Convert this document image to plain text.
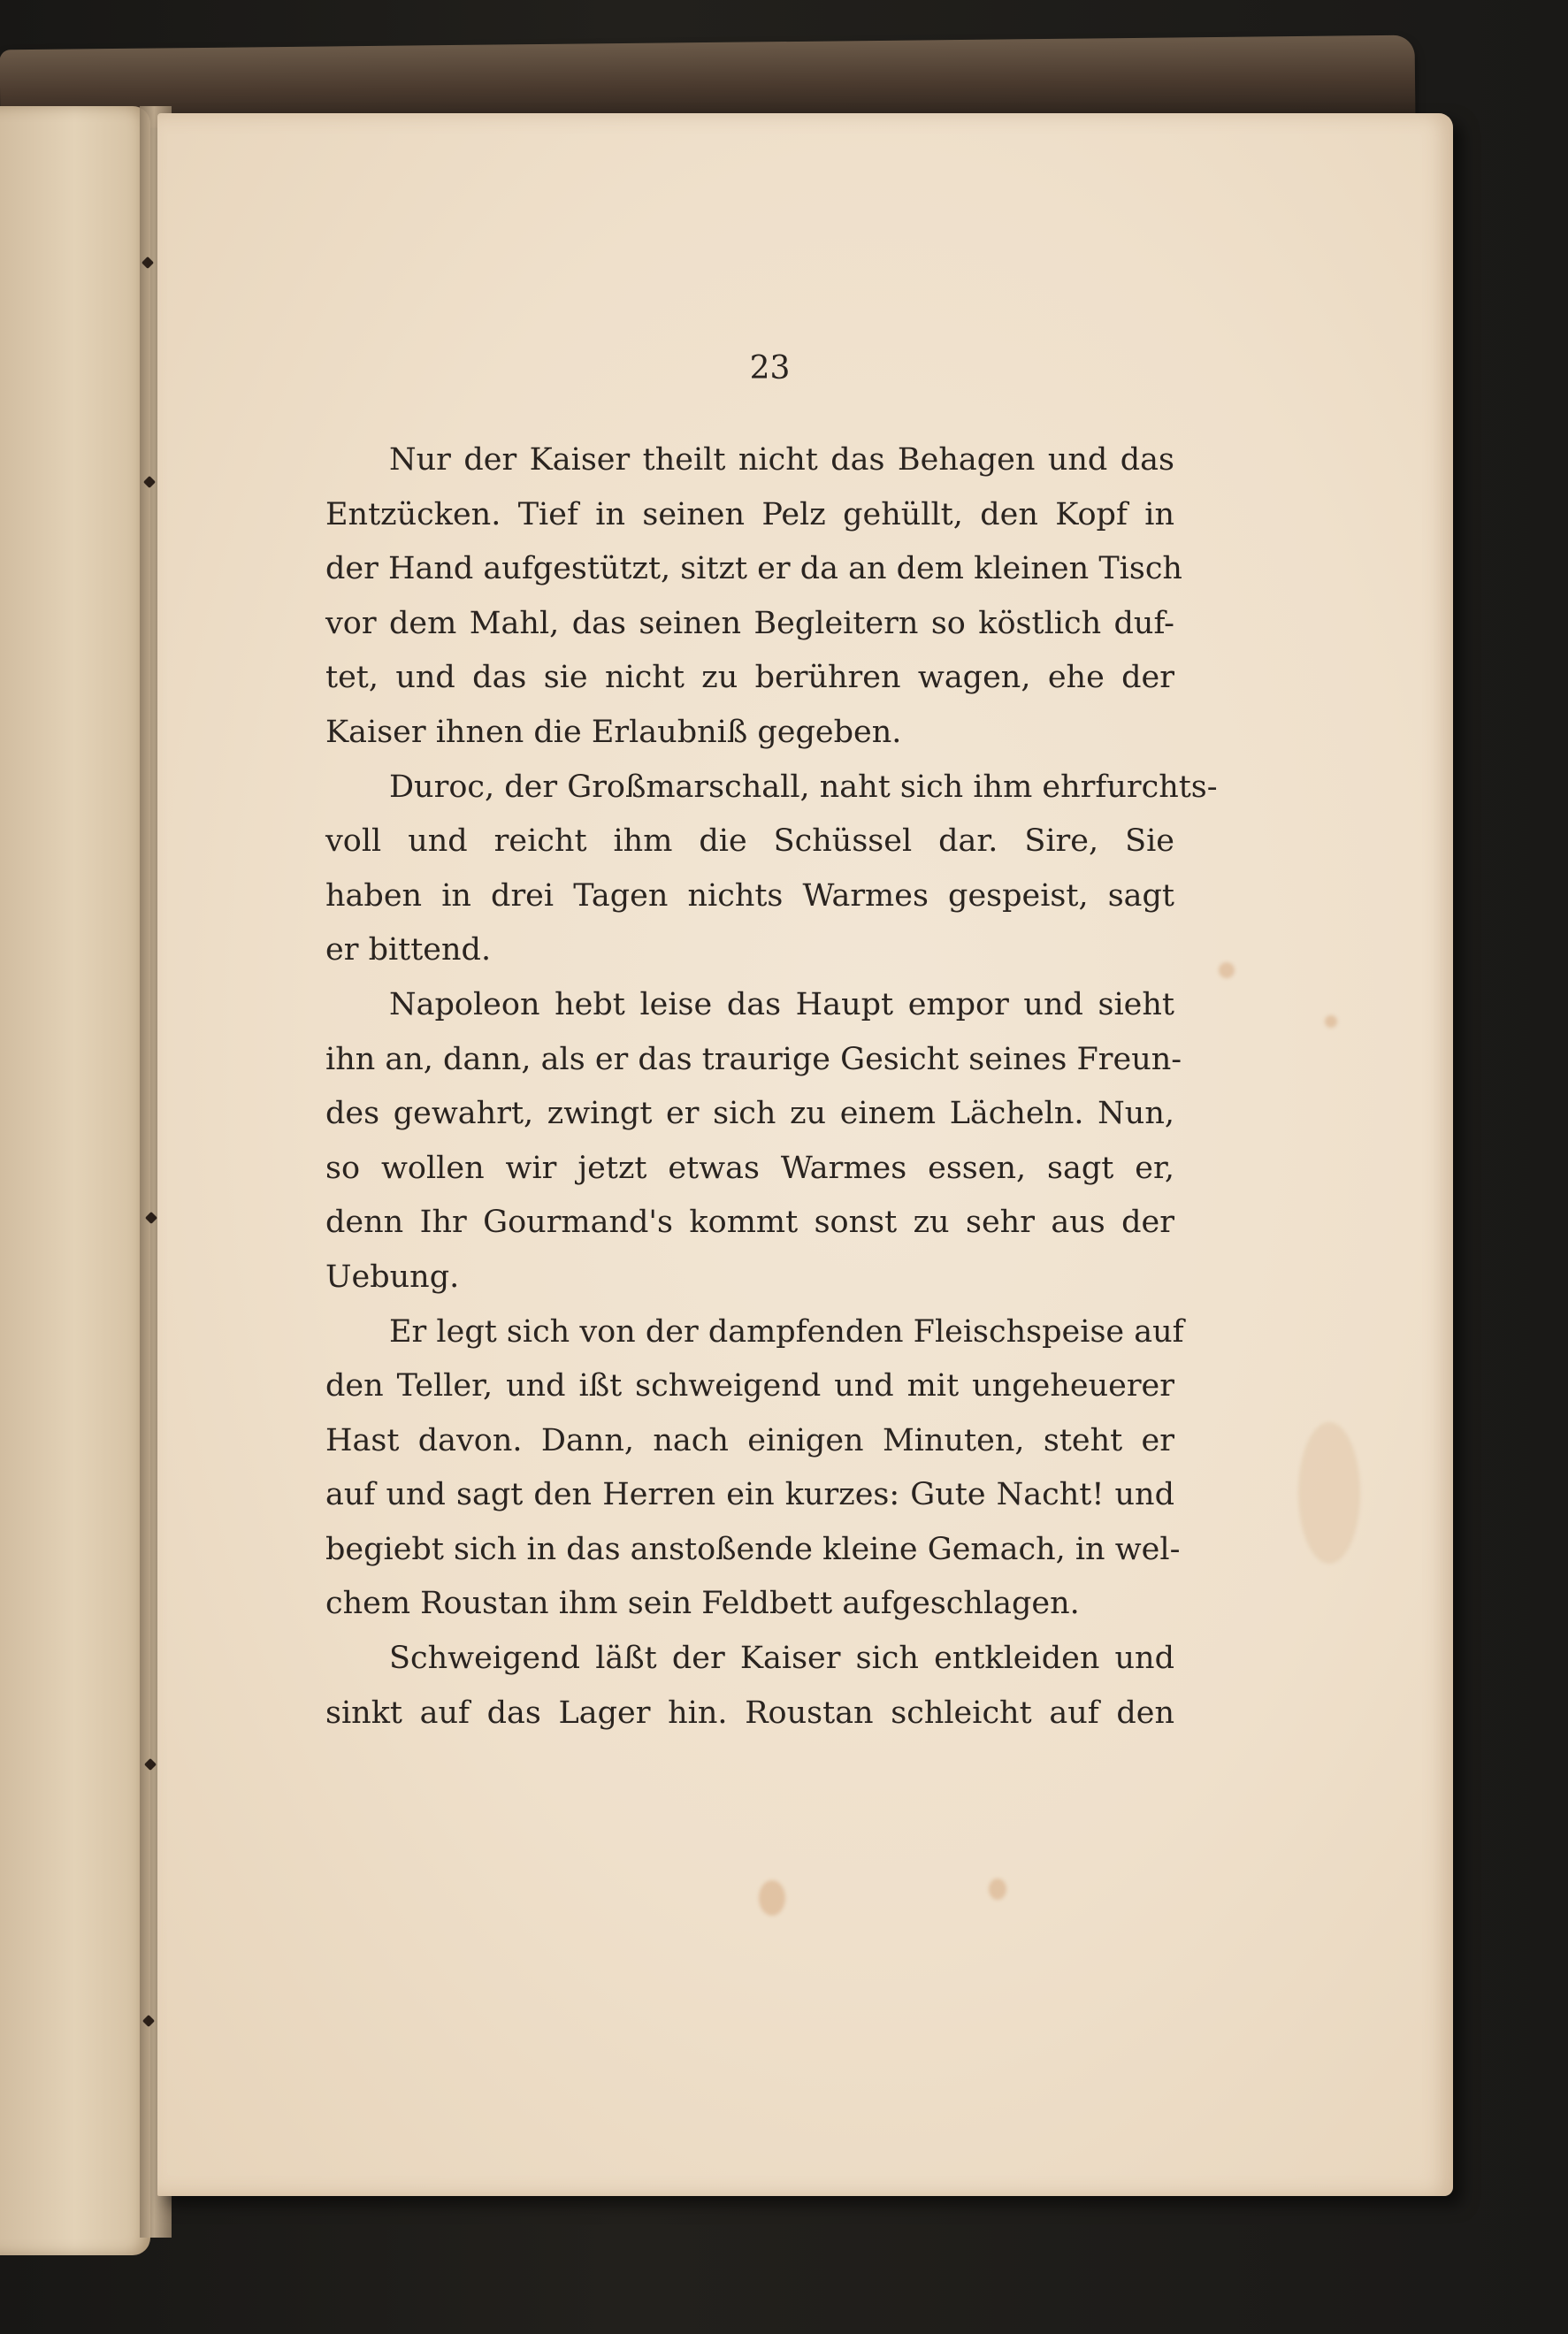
23
Nur der Kaiser theilt nicht das Behagen und das
Entzücken. Tief in seinen Pelz gehüllt, den Kopf in
der Hand aufgestützt, sitzt er da an dem kleinen Tisch
vor dem Mahl, das seinen Begleitern so köstlich duf-
tet, und das sie nicht zu berühren wagen, ehe der
Kaiser ihnen die Erlaubniß gegeben.
Duroc, der Großmarschall, naht sich ihm ehrfurchts-
voll und reicht ihm die Schüssel dar. Sire, Sie
haben in drei Tagen nichts Warmes gespeist, sagt
er bittend.
Napoleon hebt leise das Haupt empor und sieht
ihn an, dann, als er das traurige Gesicht seines Freun-
des gewahrt, zwingt er sich zu einem Lächeln. Nun,
so wollen wir jetzt etwas Warmes essen, sagt er,
denn Ihr Gourmand's kommt sonst zu sehr aus der
Uebung.
Er legt sich von der dampfenden Fleischspeise auf
den Teller, und ißt schweigend und mit ungeheuerer
Hast davon. Dann, nach einigen Minuten, steht er
auf und sagt den Herren ein kurzes: Gute Nacht! und
begiebt sich in das anstoßende kleine Gemach, in wel-
chem Roustan ihm sein Feldbett aufgeschlagen.
Schweigend läßt der Kaiser sich entkleiden und
sinkt auf das Lager hin. Roustan schleicht auf den
